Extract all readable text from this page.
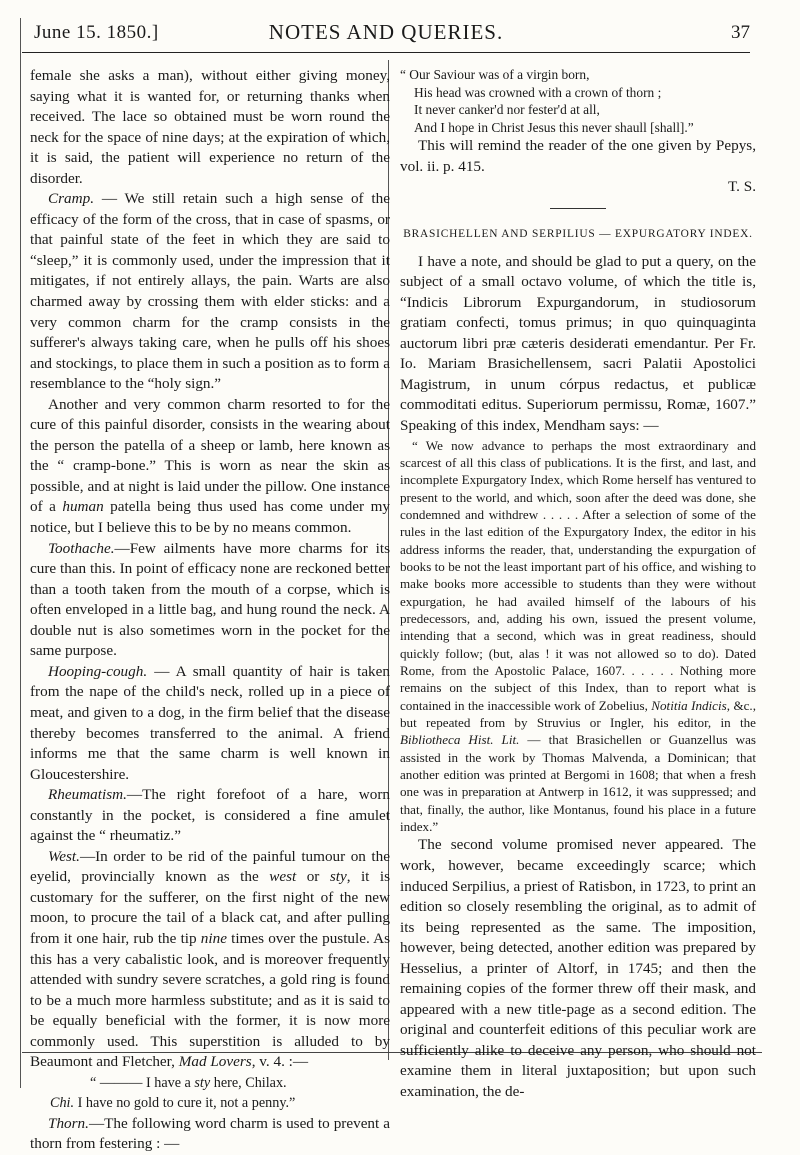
June 15. 1850.]	NOTES AND QUERIES.	37

female she asks a man), without either giving money, saying what it is wanted for, or returning thanks when received. The lace so obtained must be worn round the neck for the space of nine days; at the expiration of which, it is said, the patient will experience no return of the disorder.

Cramp. — We still retain such a high sense of the efficacy of the form of the cross, that in case of spasms, or that painful state of the feet in which they are said to “sleep,” it is commonly used, under the impression that it mitigates, if not entirely allays, the pain. Warts are also charmed away by crossing them with elder sticks: and a very common charm for the cramp consists in the sufferer's always taking care, when he pulls off his shoes and stockings, to place them in such a position as to form a resemblance to the “holy sign.”

Another and very common charm resorted to for the cure of this painful disorder, consists in the wearing about the person the patella of a sheep or lamb, here known as the “ cramp-bone.” This is worn as near the skin as possible, and at night is laid under the pillow. One instance of a human patella being thus used has come under my notice, but I believe this to be by no means common.

Toothache.—Few ailments have more charms for its cure than this. In point of efficacy none are reckoned better than a tooth taken from the mouth of a corpse, which is often enveloped in a little bag, and hung round the neck. A double nut is also sometimes worn in the pocket for the same purpose.

Hooping-cough. — A small quantity of hair is taken from the nape of the child's neck, rolled up in a piece of meat, and given to a dog, in the firm belief that the disease thereby becomes transferred to the animal. A friend informs me that the same charm is well known in Gloucestershire.

Rheumatism.—The right forefoot of a hare, worn constantly in the pocket, is considered a fine amulet against the “ rheumatiz.”

West.—In order to be rid of the painful tumour on the eyelid, provincially known as the west or sty, it is customary for the sufferer, on the first night of the new moon, to procure the tail of a black cat, and after pulling from it one hair, rub the tip nine times over the pustule. As this has a very cabalistic look, and is moreover frequently attended with sundry severe scratches, a gold ring is found to be a much more harmless substitute; and as it is said to be equally beneficial with the former, it is now more commonly used. This superstition is alluded to by Beaumont and Fletcher, Mad Lovers, v. 4. :—

“ ——— I have a sty here, Chilax.

Chi. I have no gold to cure it, not a penny.”

Thorn.—The following word charm is used to prevent a thorn from festering : —

“ Our Saviour was of a virgin born,
His head was crowned with a crown of thorn ;
It never canker'd nor fester'd at all,
And I hope in Christ Jesus this never shaull [shall].”

This will remind the reader of the one given by Pepys, vol. ii. p. 415.

T. S.
BRASICHELLEN AND SERPILIUS — EXPURGATORY INDEX.

I have a note, and should be glad to put a query, on the subject of a small octavo volume, of which the title is, “Indicis Librorum Expurgandorum, in studiosorum gratiam confecti, tomus primus; in quo quinquaginta auctorum libri præ cæteris desiderati emendantur. Per Fr. Io. Mariam Brasichellensem, sacri Palatii Apostolici Magistrum, in unum córpus redactus, et publicæ commoditati editus. Superiorum permissu, Romæ, 1607.” Speaking of this index, Mendham says: —

“ We now advance to perhaps the most extraordinary and scarcest of all this class of publications. It is the first, and last, and incomplete Expurgatory Index, which Rome herself has ventured to present to the world, and which, soon after the deed was done, she condemned and withdrew . . . . . After a selection of some of the rules in the last edition of the Expurgatory Index, the editor in his address informs the reader, that, understanding the expurgation of books to be not the least important part of his office, and wishing to make books more accessible to students than they were without expurgation, he had availed himself of the labours of his predecessors, and, adding his own, issued the present volume, intending that a second, which was in great readiness, should quickly follow; (but, alas ! it was not allowed so to do). Dated Rome, from the Apostolic Palace, 1607. . . . . . Nothing more remains on the subject of this Index, than to report what is contained in the inaccessible work of Zobelius, Notitia Indicis, &c., but repeated from by Struvius or Ingler, his editor, in the Bibliotheca Hist. Lit. — that Brasichellen or Guanzellus was assisted in the work by Thomas Malvenda, a Dominican; that another edition was printed at Bergomi in 1608; that when a fresh one was in preparation at Antwerp in 1612, it was suppressed; and that, finally, the author, like Montanus, found his place in a future index.”

The second volume promised never appeared. The work, however, became exceedingly scarce; which induced Serpilius, a priest of Ratisbon, in 1723, to print an edition so closely resembling the original, as to admit of its being represented as the same. The imposition, however, being detected, another edition was prepared by Hesselius, a printer of Altorf, in 1745; and then the remaining copies of the former threw off their mask, and appeared with a new title-page as a second edition. The original and counterfeit editions of this peculiar work are sufficiently alike to deceive any person, who should not examine them in literal juxtaposition; but upon such examination, the de-
